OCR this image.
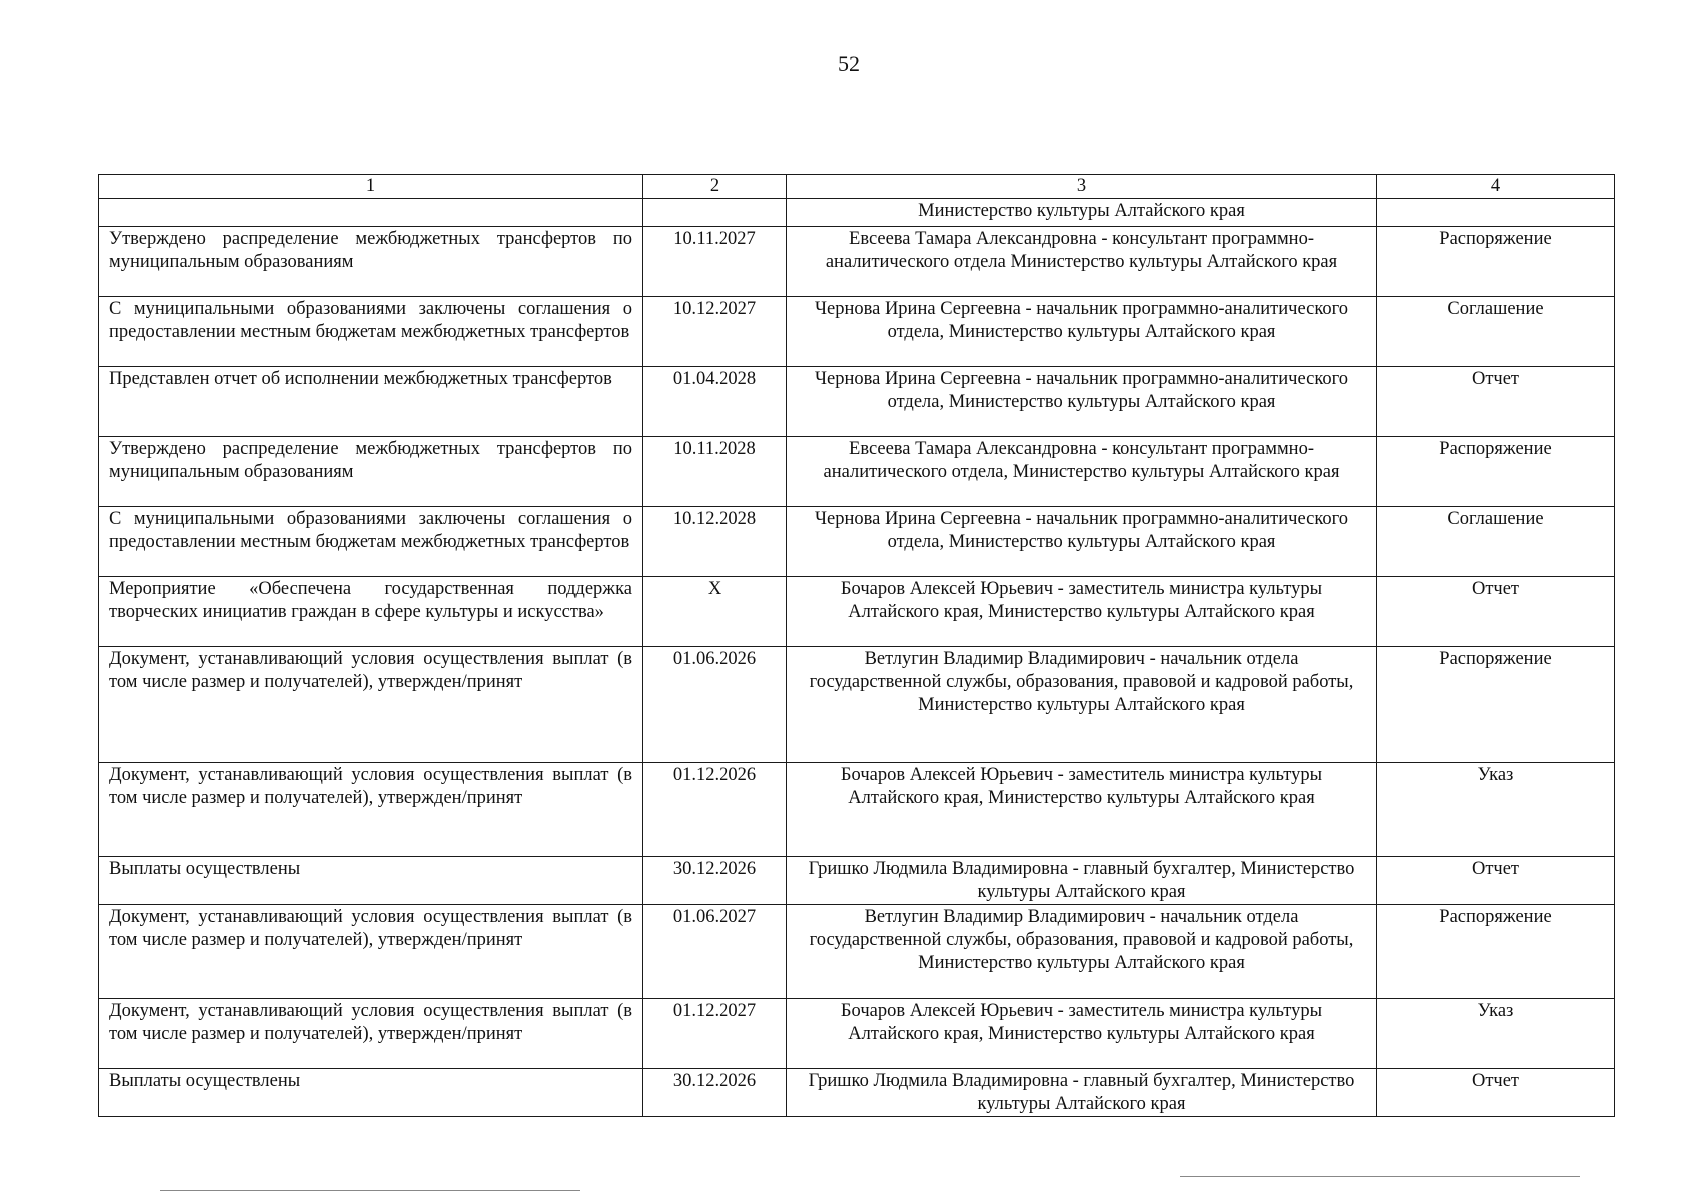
52
1	2	3	4

		Министерство культуры Алтайского края	

Утверждено распределение межбюджетных трансфертов по муниципальным образованиям	10.11.2027	Евсеева Тамара Александровна - консультант программно-аналитического отдела Министерство культуры Алтайского края	Распоряжение

С муниципальными образованиями заключены соглашения о предоставлении местным бюджетам межбюджетных трансфертов	10.12.2027	Чернова Ирина Сергеевна - начальник программно-аналитического отдела, Министерство культуры Алтайского края	Соглашение

Представлен отчет об исполнении межбюджетных трансфертов	01.04.2028	Чернова Ирина Сергеевна - начальник программно-аналитического отдела, Министерство культуры Алтайского края	Отчет

Утверждено распределение межбюджетных трансфертов по муниципальным образованиям	10.11.2028	Евсеева Тамара Александровна - консультант программно-аналитического отдела, Министерство культуры Алтайского края	Распоряжение

С муниципальными образованиями заключены соглашения о предоставлении местным бюджетам межбюджетных трансфертов	10.12.2028	Чернова Ирина Сергеевна - начальник программно-аналитического отдела, Министерство культуры Алтайского края	Соглашение

Мероприятие «Обеспечена государственная поддержка творческих инициатив граждан в сфере культуры и искусства»	X	Бочаров Алексей Юрьевич - заместитель министра культуры Алтайского края, Министерство культуры Алтайского края	Отчет

Документ, устанавливающий условия осуществления выплат (в том числе размер и получателей), утвержден/принят	01.06.2026	Ветлугин Владимир Владимирович - начальник отдела государственной службы, образования, правовой и кадровой работы, Министерство культуры Алтайского края	Распоряжение

Документ, устанавливающий условия осуществления выплат (в том числе размер и получателей), утвержден/принят	01.12.2026	Бочаров Алексей Юрьевич - заместитель министра культуры Алтайского края, Министерство культуры Алтайского края	Указ

Выплаты осуществлены	30.12.2026	Гришко Людмила Владимировна - главный бухгалтер, Министерство культуры Алтайского края	Отчет

Документ, устанавливающий условия осуществления выплат (в том числе размер и получателей), утвержден/принят	01.06.2027	Ветлугин Владимир Владимирович - начальник отдела государственной службы, образования, правовой и кадровой работы, Министерство культуры Алтайского края	Распоряжение

Документ, устанавливающий условия осуществления выплат (в том числе размер и получателей), утвержден/принят	01.12.2027	Бочаров Алексей Юрьевич - заместитель министра культуры Алтайского края, Министерство культуры Алтайского края	Указ

Выплаты осуществлены	30.12.2026	Гришко Людмила Владимировна - главный бухгалтер, Министерство культуры Алтайского края	Отчет
